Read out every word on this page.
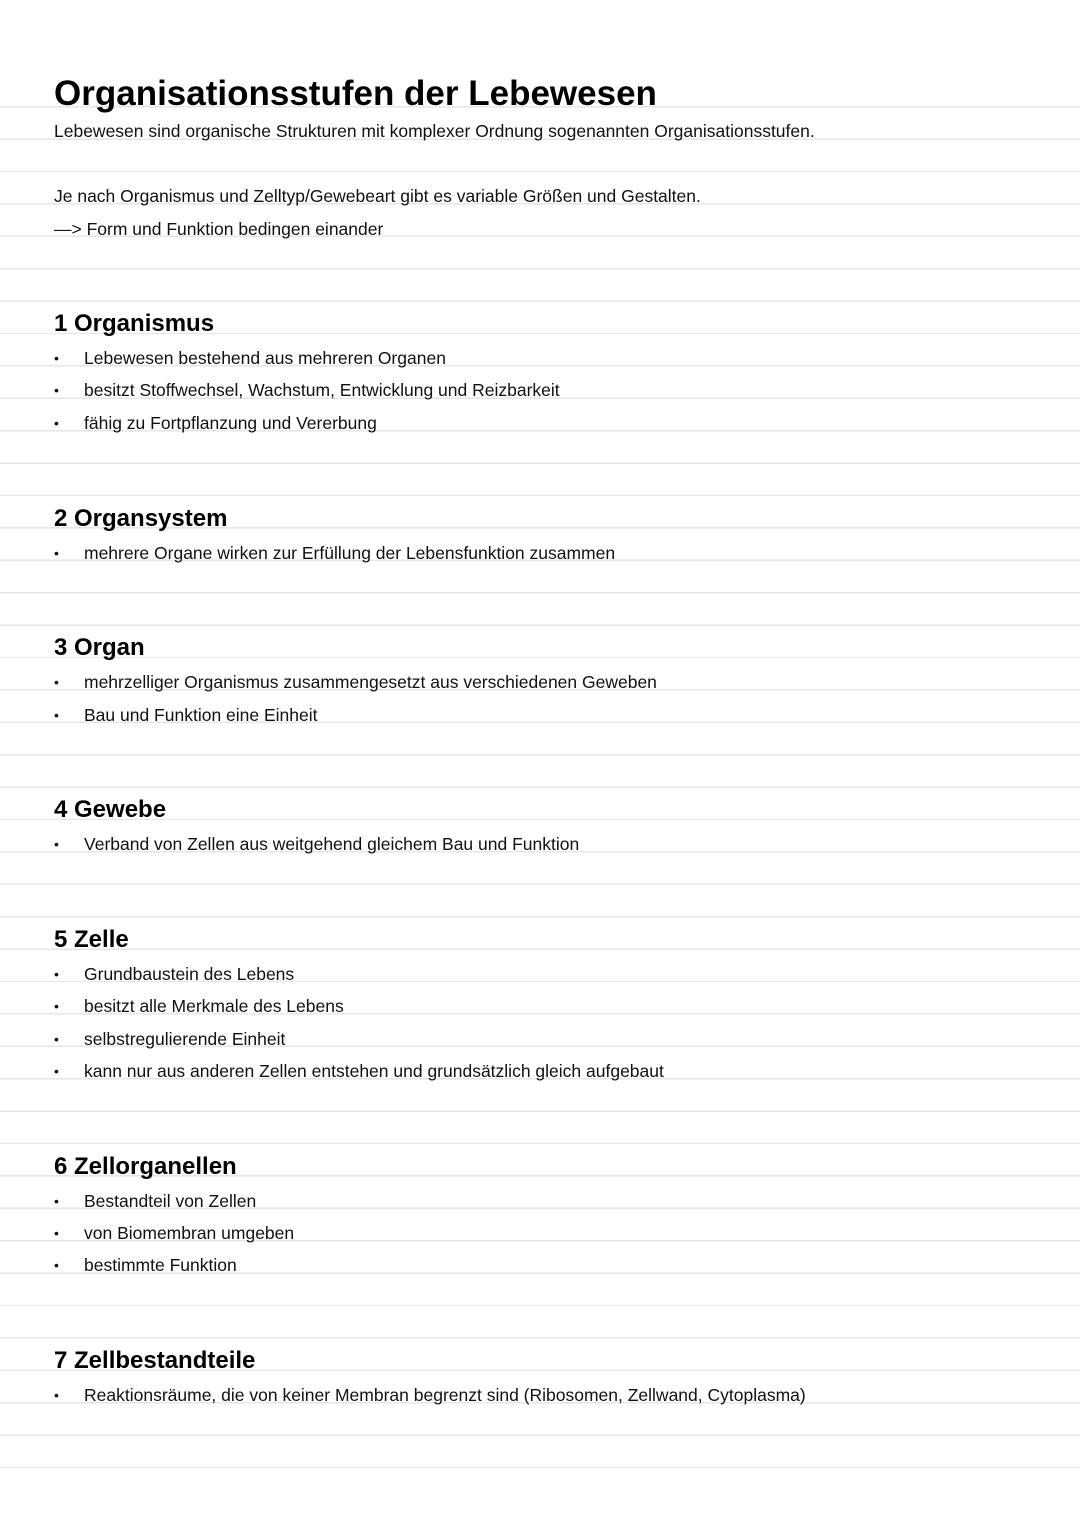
Organisationsstufen der Lebewesen
Lebewesen sind organische Strukturen mit komplexer Ordnung sogenannten Organisationsstufen.
Je nach Organismus und Zelltyp/Gewebeart gibt es variable Größen und Gestalten.
—> Form und Funktion bedingen einander
1 Organismus
• Lebewesen bestehend aus mehreren Organen
• besitzt Stoffwechsel, Wachstum, Entwicklung und Reizbarkeit
• fähig zu Fortpflanzung und Vererbung
2 Organsystem
• mehrere Organe wirken zur Erfüllung der Lebensfunktion zusammen
3 Organ
• mehrzelliger Organismus zusammengesetzt aus verschiedenen Geweben
• Bau und Funktion eine Einheit
4 Gewebe
• Verband von Zellen aus weitgehend gleichem Bau und Funktion
5 Zelle
• Grundbaustein des Lebens
• besitzt alle Merkmale des Lebens
• selbstregulierende Einheit
• kann nur aus anderen Zellen entstehen und grundsätzlich gleich aufgebaut
6 Zellorganellen
• Bestandteil von Zellen
• von Biomembran umgeben
• bestimmte Funktion
7 Zellbestandteile
• Reaktionsräume, die von keiner Membran begrenzt sind (Ribosomen, Zellwand, Cytoplasma)
